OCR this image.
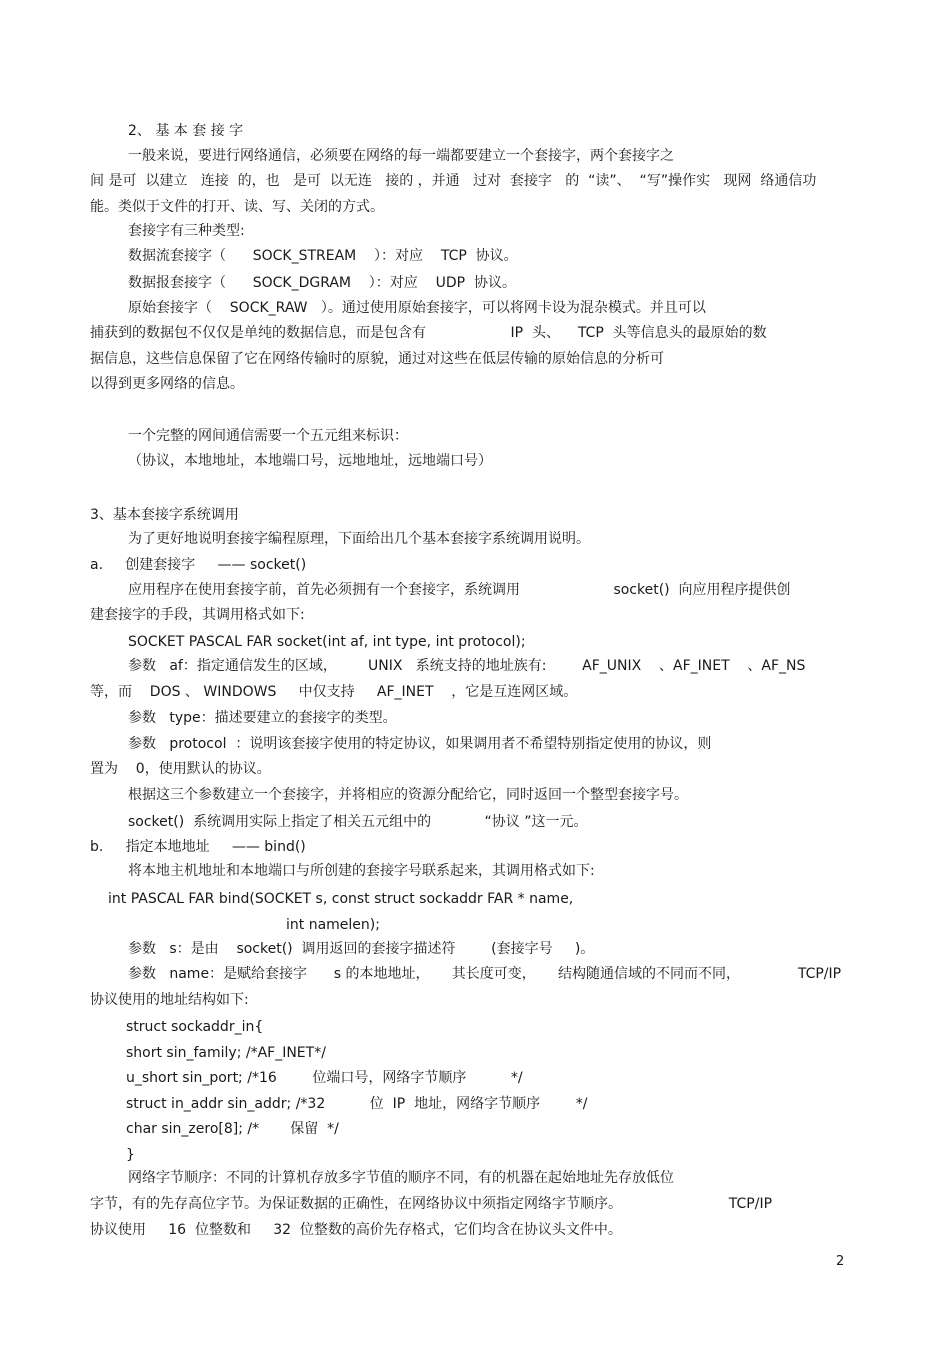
2、 基 本 套 接 字
一般来说，要进行网络通信，必须要在网络的每一端都要建立一个套接字，两个套接字之
间 是可  以建立   连接  的，也   是可  以无连   接的 ，并通   过对  套接字   的  “读”、  “写”操作实   现网  络通信功
能。类似于文件的打开、读、写、关闭的方式。
套接字有三种类型:
数据流套接字（      SOCK_STREAM    ）：对应    TCP  协议。
数据报套接字（      SOCK_DGRAM    ）：对应    UDP  协议。
原始套接字（    SOCK_RAW   ）。通过使用原始套接字，可以将网卡设为混杂模式。并且可以
捕获到的数据包不仅仅是单纯的数据信息，而是包含有                   IP  头、    TCP  头等信息头的最原始的数
据信息，这些信息保留了它在网络传输时的原貌，通过对这些在低层传输的原始信息的分析可
以得到更多网络的信息。
一个完整的网间通信需要一个五元组来标识：
（协议，本地地址，本地端口号，远地地址，远地端口号）
3、基本套接字系统调用
为了更好地说明套接字编程原理，下面给出几个基本套接字系统调用说明。
a.     创建套接字     —— socket()
应用程序在使用套接字前，首先必须拥有一个套接字，系统调用                     socket()  向应用程序提供创
建套接字的手段，其调用格式如下:
SOCKET PASCAL FAR socket(int af, int type, int protocol);
参数   af：指定通信发生的区域，       UNIX   系统支持的地址族有:        AF_UNIX    、AF_INET    、AF_NS
等，而    DOS 、 WINDOWS     中仅支持     AF_INET    ，它是互连网区域。
参数   type：描述要建立的套接字的类型。
参数   protocol  ：说明该套接字使用的特定协议，如果调用者不希望特别指定使用的协议，则
置为    0，使用默认的协议。
根据这三个参数建立一个套接字，并将相应的资源分配给它，同时返回一个整型套接字号。
socket()  系统调用实际上指定了相关五元组中的            “协议 ”这一元。
b.     指定本地地址     —— bind()
将本地主机地址和本地端口与所创建的套接字号联系起来，其调用格式如下:
int PASCAL FAR bind(SOCKET s, const struct sockaddr FAR * name,
int namelen);
参数   s：是由    socket()  调用返回的套接字描述符        (套接字号     )。
参数   name：是赋给套接字      s 的本地地址，     其长度可变，     结构随通信域的不同而不同，             TCP/IP
协议使用的地址结构如下:
struct sockaddr_in{
short sin_family; /*AF_INET*/
u_short sin_port; /*16        位端口号，网络字节顺序          */
struct in_addr sin_addr; /*32          位  IP  地址，网络字节顺序        */
char sin_zero[8]; /*       保留  */
}
网络字节顺序：不同的计算机存放多字节值的顺序不同，有的机器在起始地址先存放低位
字节，有的先存高位字节。为保证数据的正确性，在网络协议中须指定网络字节顺序。                        TCP/IP
协议使用     16  位整数和     32  位整数的高价先存格式，它们均含在协议头文件中。
2
